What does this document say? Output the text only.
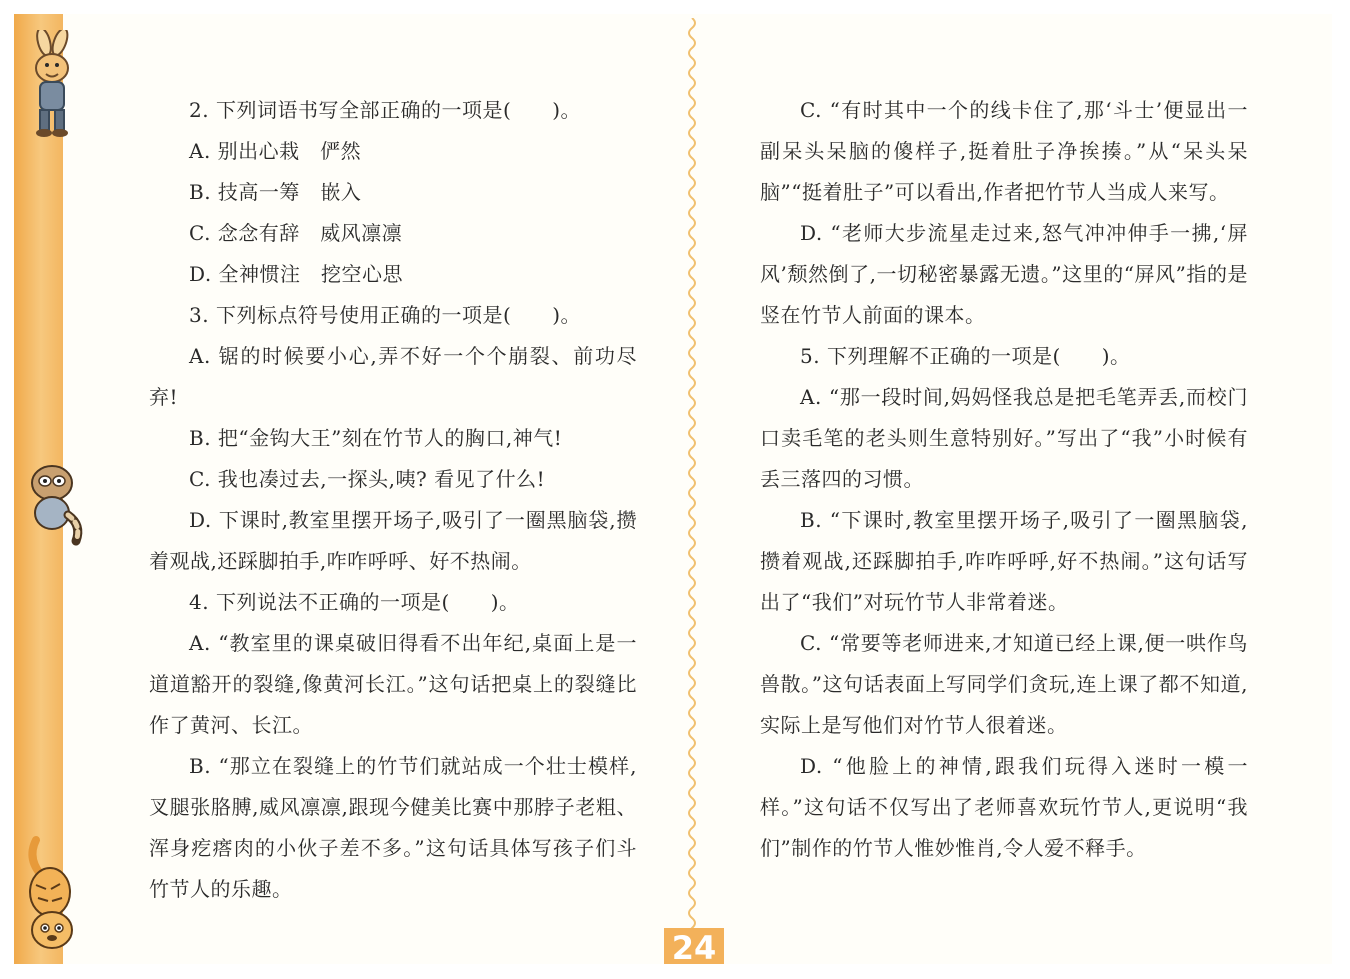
2. 下列词语书写全部正确的一项是(　　)。

A. 别出心栽　俨然

B. 技高一筹　嵌入

C. 念念有辞　威风凛凛

D. 全神惯注　挖空心思

3. 下列标点符号使用正确的一项是(　　)。

A. 锯的时候要小心,弄不好一个个崩裂、前功尽弃!

B. 把“金钩大王”刻在竹节人的胸口,神气!

C. 我也凑过去,一探头,咦? 看见了什么!

D. 下课时,教室里摆开场子,吸引了一圈黑脑袋,攒着观战,还踩脚拍手,咋咋呼呼、好不热闹。

4. 下列说法不正确的一项是(　　)。

A. “教室里的课桌破旧得看不出年纪,桌面上是一道道豁开的裂缝,像黄河长江。”这句话把桌上的裂缝比作了黄河、长江。

B. “那立在裂缝上的竹节们就站成一个壮士模样,叉腿张胳膊,威风凛凛,跟现今健美比赛中那脖子老粗、浑身疙瘩肉的小伙子差不多。”这句话具体写孩子们斗竹节人的乐趣。

C. “有时其中一个的线卡住了,那‘斗士’便显出一副呆头呆脑的傻样子,挺着肚子净挨揍。”从“呆头呆脑”“挺着肚子”可以看出,作者把竹节人当成人来写。

D. “老师大步流星走过来,怒气冲冲伸手一拂,‘屏风’颓然倒了,一切秘密暴露无遗。”这里的“屏风”指的是竖在竹节人前面的课本。

5. 下列理解不正确的一项是(　　)。

A. “那一段时间,妈妈怪我总是把毛笔弄丢,而校门口卖毛笔的老头则生意特别好。”写出了“我”小时候有丢三落四的习惯。

B. “下课时,教室里摆开场子,吸引了一圈黑脑袋,攒着观战,还踩脚拍手,咋咋呼呼,好不热闹。”这句话写出了“我们”对玩竹节人非常着迷。

C. “常要等老师进来,才知道已经上课,便一哄作鸟兽散。”这句话表面上写同学们贪玩,连上课了都不知道,实际上是写他们对竹节人很着迷。

D. “他脸上的神情,跟我们玩得入迷时一模一样。”这句话不仅写出了老师喜欢玩竹节人,更说明“我们”制作的竹节人惟妙惟肖,令人爱不释手。

24
